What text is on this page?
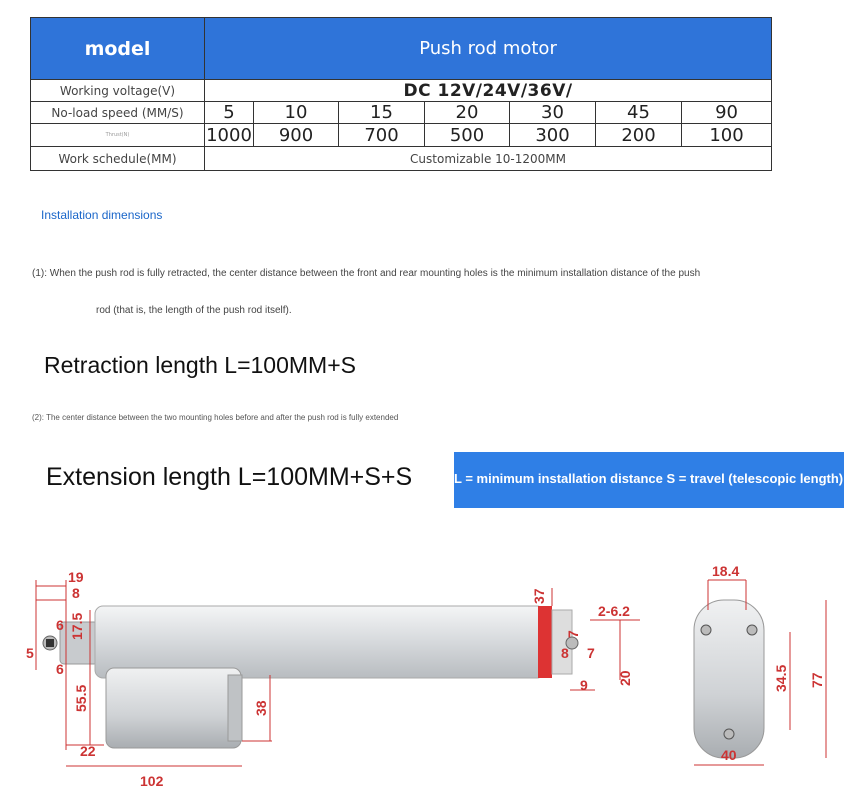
model	Push rod motor						
Working voltage(V)	DC 12V/24V/36V/						
No-load speed (MM/S)	5	10	15	20	30	45	90
Thrust(N)	1000	900	700	500	300	200	100
Work schedule(MM)	Customizable 10-1200MM						
Installation dimensions
(1): When the push rod is fully retracted, the center distance between the front and rear mounting holes is the minimum installation distance of the push
rod (that is, the length of the push rod itself).
Retraction length L=100MM+S
(2): The center distance between the two mounting holes before and after the push rod is fully extended
Extension length L=100MM+S+S	L = minimum installation distance S = travel (telescopic length)
19
8
6 17.5
5
6
55.5
22
102
38
37
2-6.2
7
8 7
9 20
18.4
34.5 77
40
